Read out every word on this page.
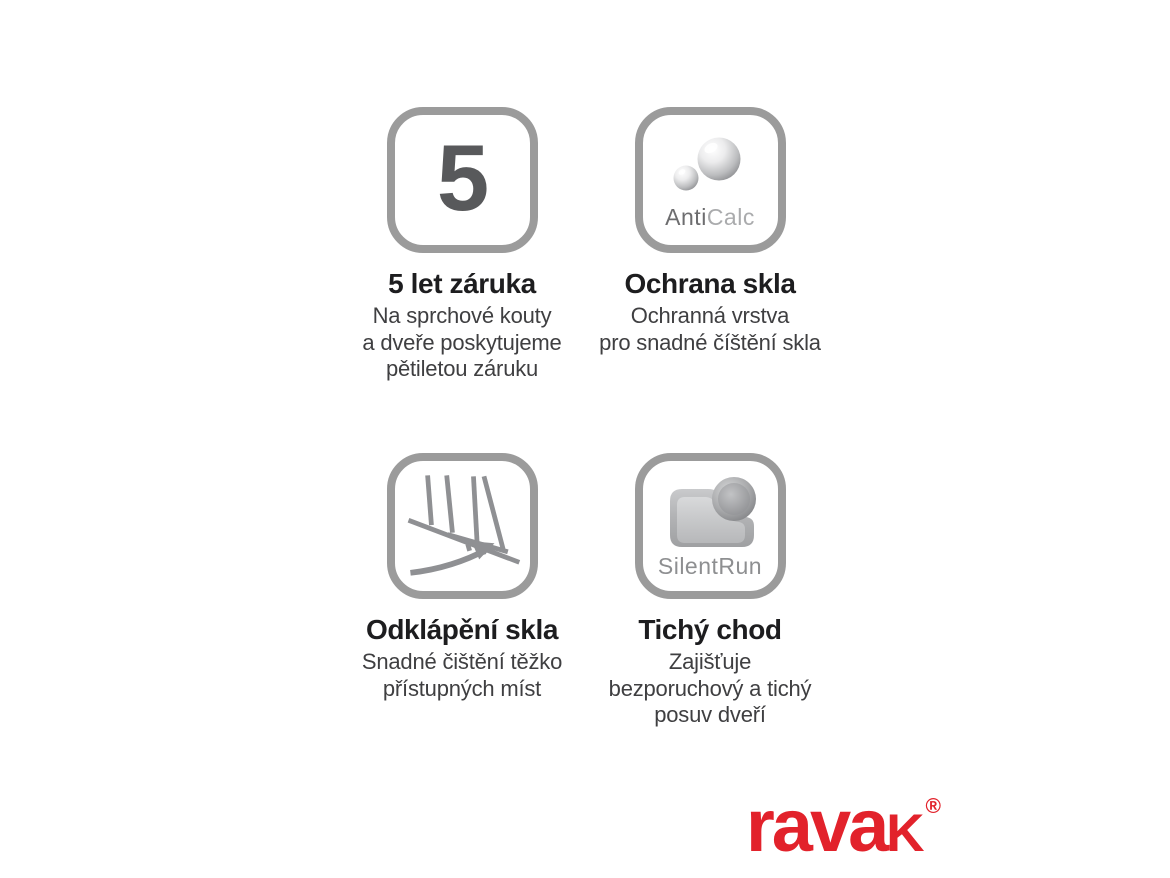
5
5 let záruka
Na sprchové kouty
a dveře poskytujeme
pětiletou záruku
AntiCalc
Ochrana skla
Ochranná vrstva
pro snadné číštění skla
Odklápění skla
Snadné čištění těžko
přístupných míst
SilentRun
Tichý chod
Zajišťuje
bezporuchový a tichý
posuv dveří
ravaK®
